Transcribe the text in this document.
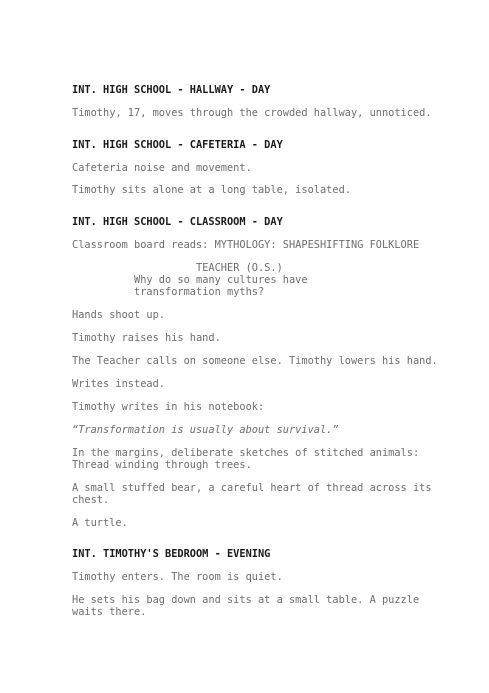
INT. HIGH SCHOOL - HALLWAY - DAY

Timothy, 17, moves through the crowded hallway, unnoticed.

INT. HIGH SCHOOL - CAFETERIA - DAY

Cafeteria noise and movement.

Timothy sits alone at a long table, isolated.

INT. HIGH SCHOOL - CLASSROOM - DAY

Classroom board reads: MYTHOLOGY: SHAPESHIFTING FOLKLORE

TEACHER (O.S.)

Why do so many cultures have

transformation myths?

Hands shoot up.

Timothy raises his hand.

The Teacher calls on someone else. Timothy lowers his hand.

Writes instead.

Timothy writes in his notebook:

“Transformation is usually about survival.”

In the margins, deliberate sketches of stitched animals:

Thread winding through trees.

A small stuffed bear, a careful heart of thread across its

chest.

A turtle.

INT. TIMOTHY'S BEDROOM - EVENING

Timothy enters. The room is quiet.

He sets his bag down and sits at a small table. A puzzle

waits there.
